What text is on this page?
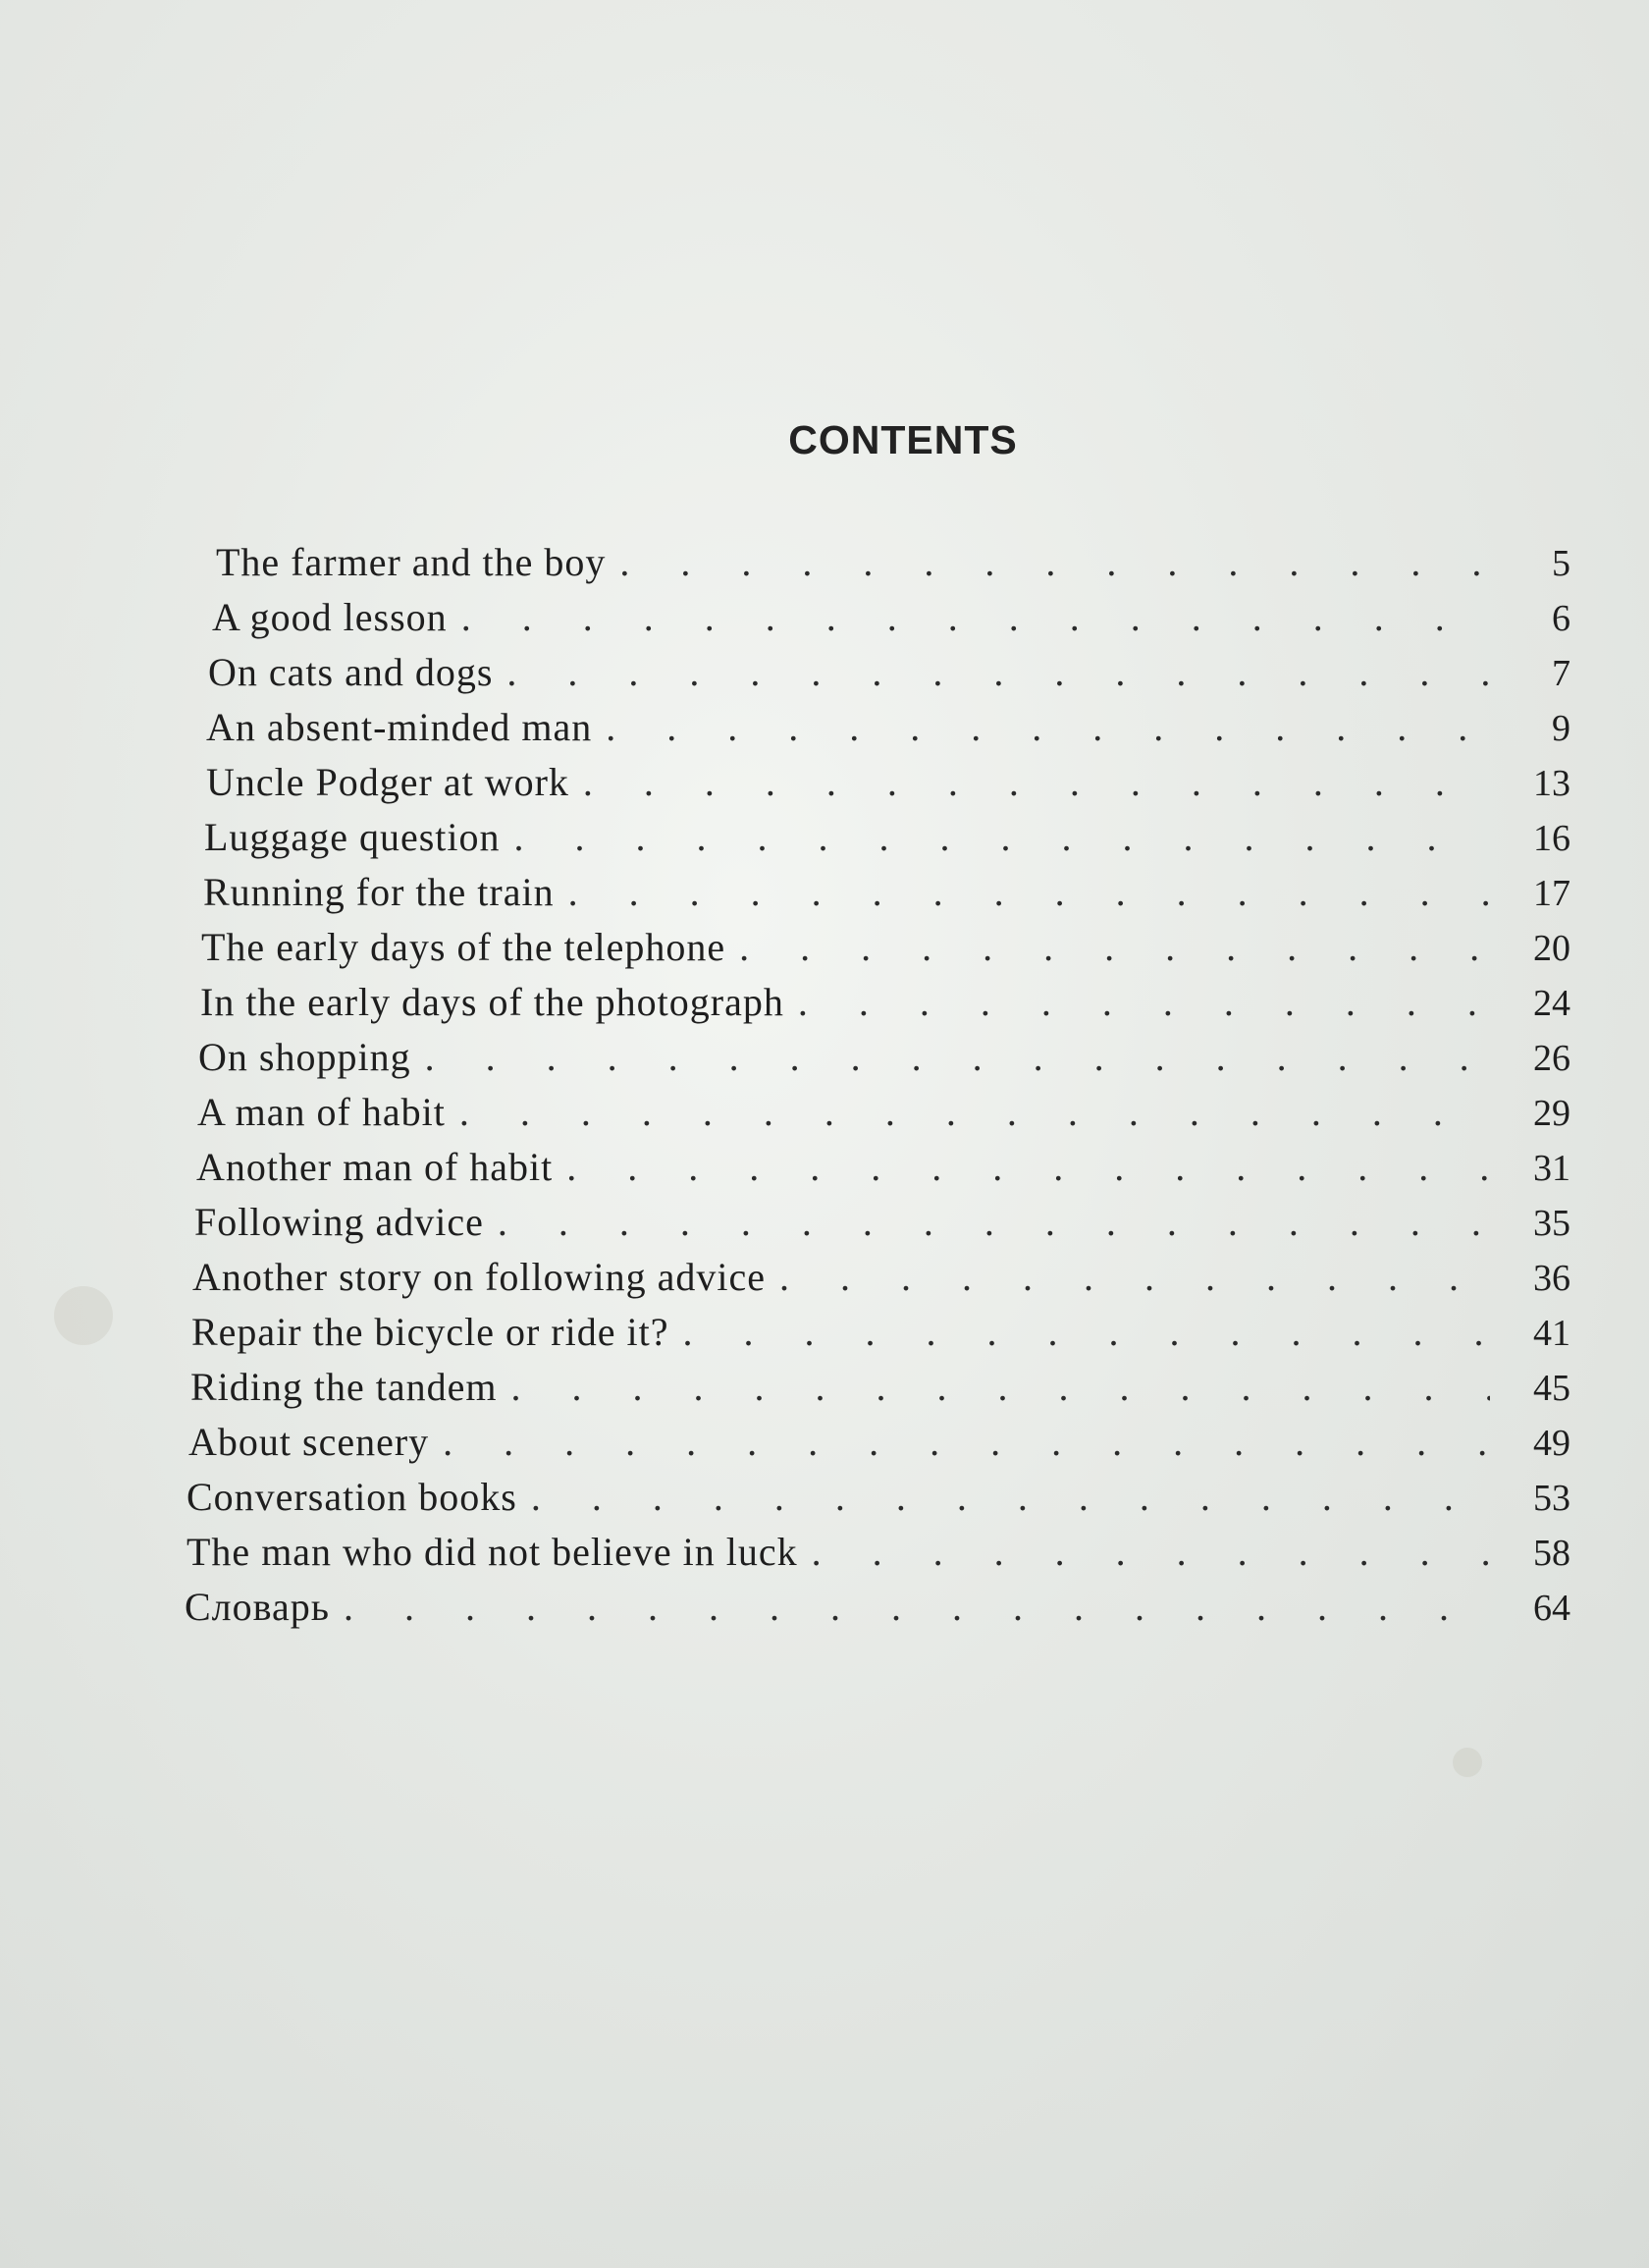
CONTENTS
The farmer and the boy . . .	5
A good lesson . . .	6
On cats and dogs . . .	7
An absent-minded man . . .	9
Uncle Podger at work . . .	13
Luggage question . . .	16
Running for the train . . .	17
The early days of the telephone . . .	20
In the early days of the photograph . . .	24
On shopping . . .	26
A man of habit . . .	29
Another man of habit . . .	31
Following advice . . .	35
Another story on following advice . . .	36
Repair the bicycle or ride it? . . .	41
Riding the tandem . . .	45
About scenery . . .	49
Conversation books . . .	53
The man who did not believe in luck . . .	58
Словарь . . .	64
